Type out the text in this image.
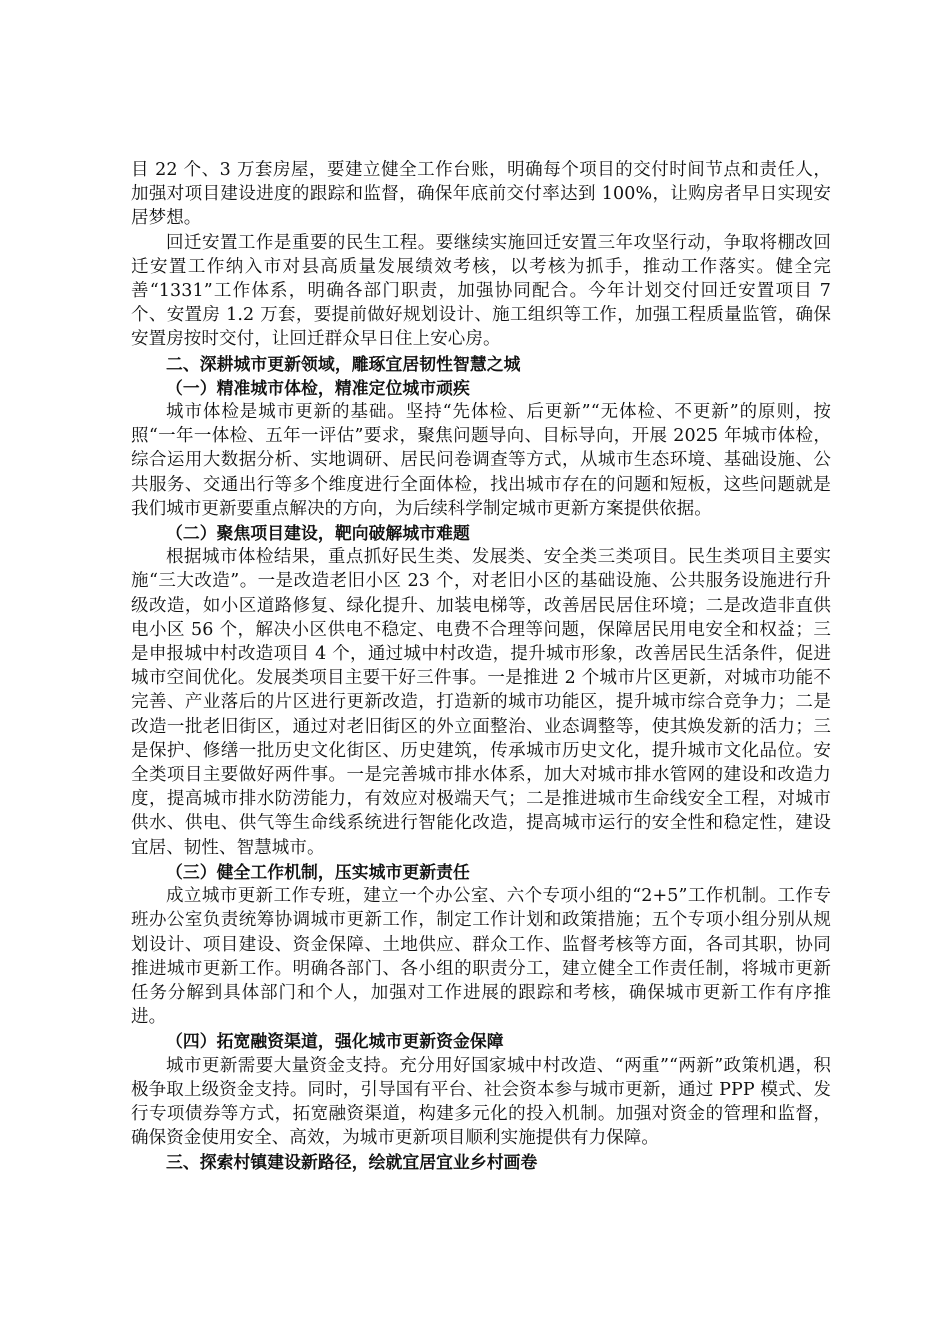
目 22 个、3 万套房屋，要建立健全工作台账，明确每个项目的交付时间节点和责任人，加强对项目建设进度的跟踪和监督，确保年底前交付率达到 100%，让购房者早日实现安居梦想。

回迁安置工作是重要的民生工程。要继续实施回迁安置三年攻坚行动，争取将棚改回迁安置工作纳入市对县高质量发展绩效考核，以考核为抓手，推动工作落实。健全完善“1331”工作体系，明确各部门职责，加强协同配合。今年计划交付回迁安置项目 7 个、安置房 1.2 万套，要提前做好规划设计、施工组织等工作，加强工程质量监管，确保安置房按时交付，让回迁群众早日住上安心房。

二、深耕城市更新领域，雕琢宜居韧性智慧之城

（一）精准城市体检，精准定位城市顽疾

城市体检是城市更新的基础。坚持“先体检、后更新”“无体检、不更新”的原则，按照“一年一体检、五年一评估”要求，聚焦问题导向、目标导向，开展 2025 年城市体检，综合运用大数据分析、实地调研、居民问卷调查等方式，从城市生态环境、基础设施、公共服务、交通出行等多个维度进行全面体检，找出城市存在的问题和短板，这些问题就是我们城市更新要重点解决的方向，为后续科学制定城市更新方案提供依据。

（二）聚焦项目建设，靶向破解城市难题

根据城市体检结果，重点抓好民生类、发展类、安全类三类项目。民生类项目主要实施“三大改造”。一是改造老旧小区 23 个，对老旧小区的基础设施、公共服务设施进行升级改造，如小区道路修复、绿化提升、加装电梯等，改善居民居住环境；二是改造非直供电小区 56 个，解决小区供电不稳定、电费不合理等问题，保障居民用电安全和权益；三是申报城中村改造项目 4 个，通过城中村改造，提升城市形象，改善居民生活条件，促进城市空间优化。发展类项目主要干好三件事。一是推进 2 个城市片区更新，对城市功能不完善、产业落后的片区进行更新改造，打造新的城市功能区，提升城市综合竞争力；二是改造一批老旧街区，通过对老旧街区的外立面整治、业态调整等，使其焕发新的活力；三是保护、修缮一批历史文化街区、历史建筑，传承城市历史文化，提升城市文化品位。安全类项目主要做好两件事。一是完善城市排水体系，加大对城市排水管网的建设和改造力度，提高城市排水防涝能力，有效应对极端天气；二是推进城市生命线安全工程，对城市供水、供电、供气等生命线系统进行智能化改造，提高城市运行的安全性和稳定性，建设宜居、韧性、智慧城市。

（三）健全工作机制，压实城市更新责任

成立城市更新工作专班，建立一个办公室、六个专项小组的“2+5”工作机制。工作专班办公室负责统筹协调城市更新工作，制定工作计划和政策措施；五个专项小组分别从规划设计、项目建设、资金保障、土地供应、群众工作、监督考核等方面，各司其职，协同推进城市更新工作。明确各部门、各小组的职责分工，建立健全工作责任制，将城市更新任务分解到具体部门和个人，加强对工作进展的跟踪和考核，确保城市更新工作有序推进。

（四）拓宽融资渠道，强化城市更新资金保障

城市更新需要大量资金支持。充分用好国家城中村改造、“两重”“两新”政策机遇，积极争取上级资金支持。同时，引导国有平台、社会资本参与城市更新，通过 PPP 模式、发行专项债券等方式，拓宽融资渠道，构建多元化的投入机制。加强对资金的管理和监督，确保资金使用安全、高效，为城市更新项目顺利实施提供有力保障。

三、探索村镇建设新路径，绘就宜居宜业乡村画卷
